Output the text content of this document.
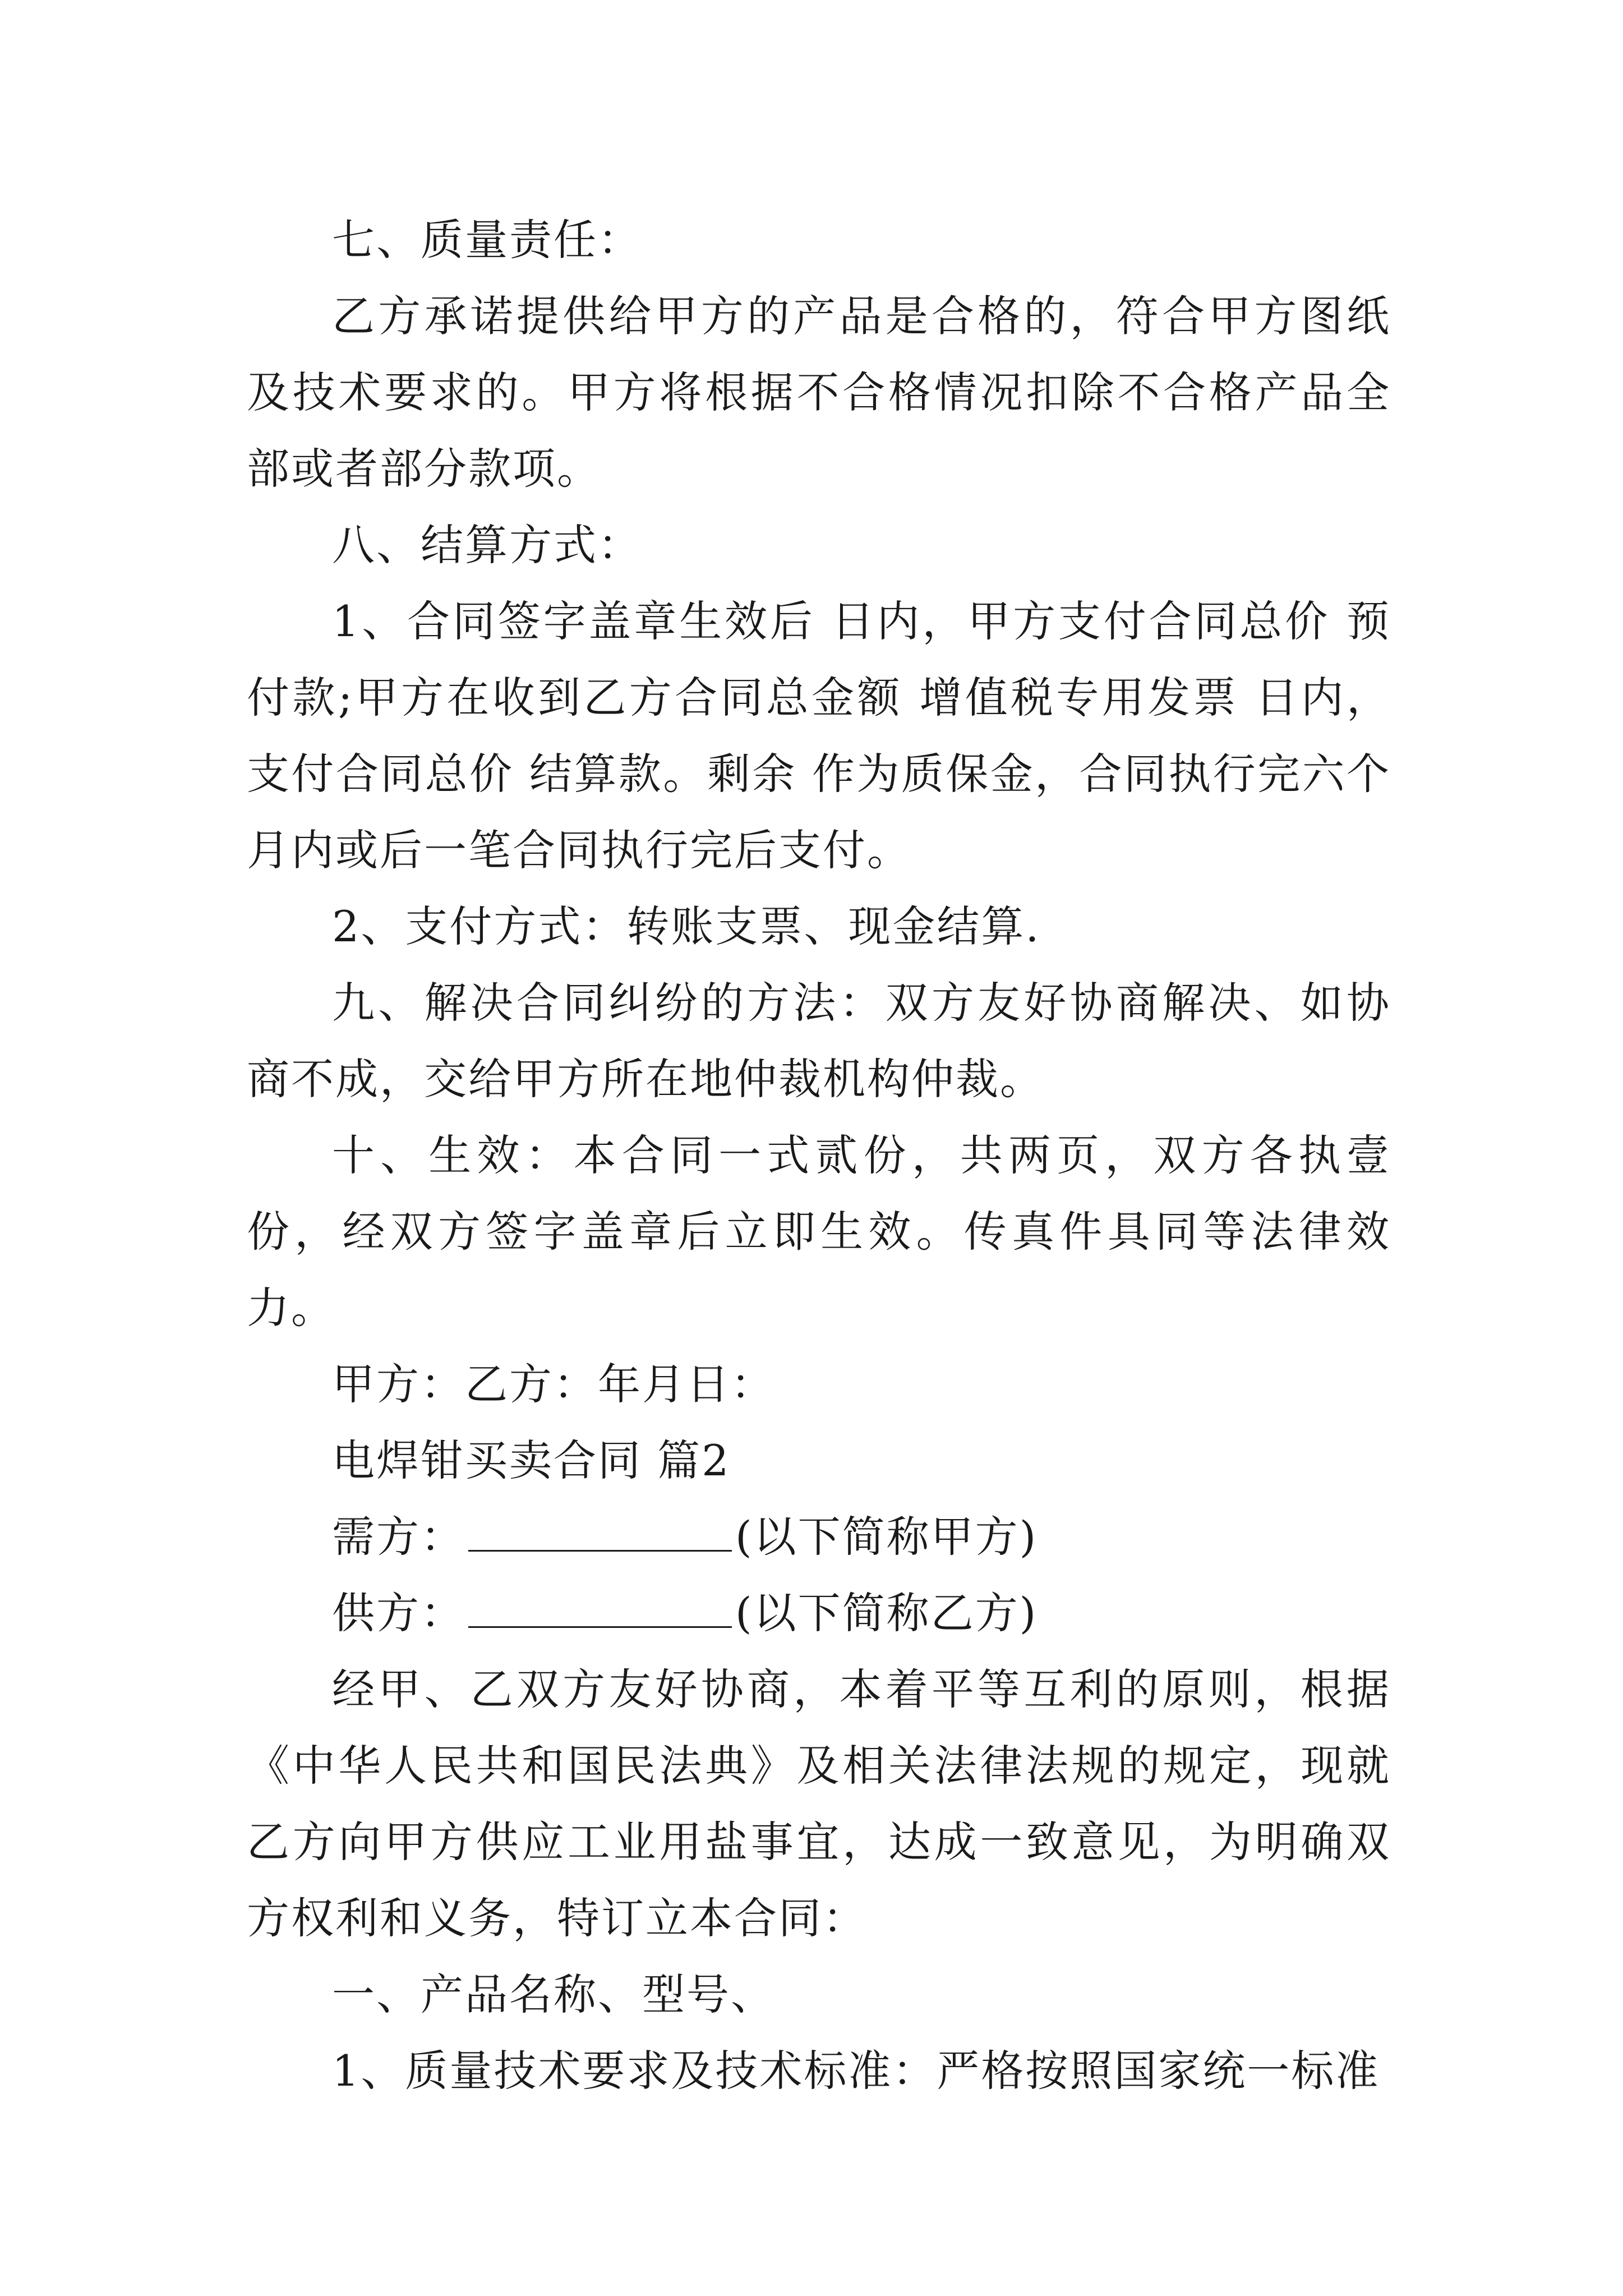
七、质量责任：

乙方承诺提供给甲方的产品是合格的，符合甲方图纸及技术要求的。甲方将根据不合格情况扣除不合格产品全部或者部分款项。

八、结算方式：

1、合同签字盖章生效后 日内，甲方支付合同总价 预付款;甲方在收到乙方合同总金额 增值税专用发票 日内，支付合同总价 结算款。剩余 作为质保金，合同执行完六个月内或后一笔合同执行完后支付。

2、支付方式：转账支票、现金结算.

九、解决合同纠纷的方法：双方友好协商解决、如协商不成，交给甲方所在地仲裁机构仲裁。

十、生效：本合同一式贰份，共两页，双方各执壹份，经双方签字盖章后立即生效。传真件具同等法律效力。

甲方：乙方：年月日：

电焊钳买卖合同 篇2

需方：	(以下简称甲方)

供方：	(以下简称乙方)

经甲、乙双方友好协商，本着平等互利的原则，根据《中华人民共和国民法典》及相关法律法规的规定，现就乙方向甲方供应工业用盐事宜，达成一致意见，为明确双方权利和义务，特订立本合同：

一、产品名称、型号、

1、质量技术要求及技术标准：严格按照国家统一标准
